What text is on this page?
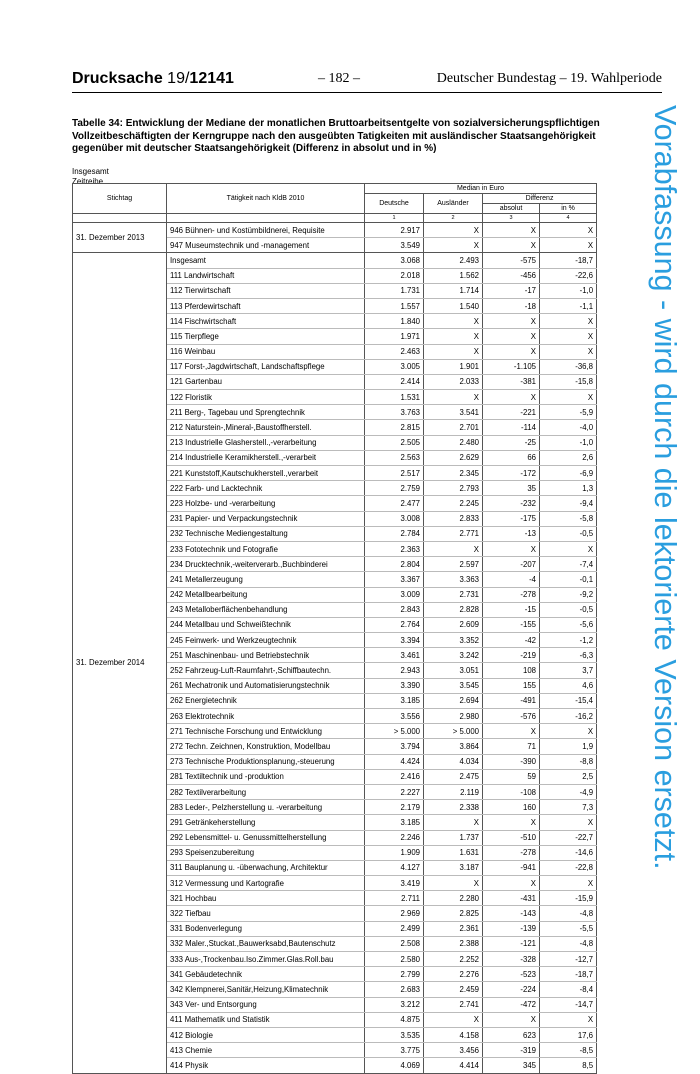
Drucksache 19/12141	– 182 –	Deutscher Bundestag – 19. Wahlperiode
Tabelle 34: Entwicklung der Mediane der monatlichen Bruttoarbeitsentgelte von sozialversicherungspflichtigen Vollzeitbeschäftigten der Kerngruppe nach den ausgeübten Tatigkeiten mit ausländischer Staatsangehörigkeit gegenüber mit deutscher Staatsangehörigkeit (Differenz in absolut und in %)
Insgesamt
Zeitreihe
Stichtag	Tätigkeit nach KldB 2010	Median in Euro			
		Deutsche	Ausländer	Differenz	
				absolut	in %
		1	2	3	4
31. Dezember 2013	946 Bühnen- und Kostümbildnerei, Requisite	2.917	X	X	X
	947 Museumstechnik und -management	3.549	X	X	X
31. Dezember 2014	Insgesamt	3.068	2.493	-575	-18,7
	111 Landwirtschaft	2.018	1.562	-456	-22,6
	112 Tierwirtschaft	1.731	1.714	-17	-1,0
	113 Pferdewirtschaft	1.557	1.540	-18	-1,1
	114 Fischwirtschaft	1.840	X	X	X
	115 Tierpflege	1.971	X	X	X
	116 Weinbau	2.463	X	X	X
	117 Forst-,Jagdwirtschaft, Landschaftspflege	3.005	1.901	-1.105	-36,8
	121 Gartenbau	2.414	2.033	-381	-15,8
	122 Floristik	1.531	X	X	X
	211 Berg-, Tagebau und Sprengtechnik	3.763	3.541	-221	-5,9
	212 Naturstein-,Mineral-,Baustoffherstell.	2.815	2.701	-114	-4,0
	213 Industrielle Glasherstell.,-verarbeitung	2.505	2.480	-25	-1,0
	214 Industrielle Keramikherstell.,-verarbeit	2.563	2.629	66	2,6
	221 Kunststoff,Kautschukherstell.,verarbeit	2.517	2.345	-172	-6,9
	222 Farb- und Lacktechnik	2.759	2.793	35	1,3
	223 Holzbe- und -verarbeitung	2.477	2.245	-232	-9,4
	231 Papier- und Verpackungstechnik	3.008	2.833	-175	-5,8
	232 Technische Mediengestaltung	2.784	2.771	-13	-0,5
	233 Fototechnik und Fotografie	2.363	X	X	X
	234 Drucktechnik,-weiterverarb.,Buchbinderei	2.804	2.597	-207	-7,4
	241 Metallerzeugung	3.367	3.363	-4	-0,1
	242 Metallbearbeitung	3.009	2.731	-278	-9,2
	243 Metalloberflächenbehandlung	2.843	2.828	-15	-0,5
	244 Metallbau und Schweißtechnik	2.764	2.609	-155	-5,6
	245 Feinwerk- und Werkzeugtechnik	3.394	3.352	-42	-1,2
	251 Maschinenbau- und Betriebstechnik	3.461	3.242	-219	-6,3
	252 Fahrzeug-Luft-Raumfahrt-,Schiffbautechn.	2.943	3.051	108	3,7
	261 Mechatronik und Automatisierungstechnik	3.390	3.545	155	4,6
	262 Energietechnik	3.185	2.694	-491	-15,4
	263 Elektrotechnik	3.556	2.980	-576	-16,2
	271 Technische Forschung und Entwicklung	> 5.000	> 5.000	X	X
	272 Techn. Zeichnen, Konstruktion, Modellbau	3.794	3.864	71	1,9
	273 Technische Produktionsplanung,-steuerung	4.424	4.034	-390	-8,8
	281 Textiltechnik und -produktion	2.416	2.475	59	2,5
	282 Textilverarbeitung	2.227	2.119	-108	-4,9
	283 Leder-, Pelzherstellung u. -verarbeitung	2.179	2.338	160	7,3
	291 Getränkeherstellung	3.185	X	X	X
	292 Lebensmittel- u. Genussmittelherstellung	2.246	1.737	-510	-22,7
	293 Speisenzubereitung	1.909	1.631	-278	-14,6
	311 Bauplanung u. -überwachung, Architektur	4.127	3.187	-941	-22,8
	312 Vermessung und Kartografie	3.419	X	X	X
	321 Hochbau	2.711	2.280	-431	-15,9
	322 Tiefbau	2.969	2.825	-143	-4,8
	331 Bodenverlegung	2.499	2.361	-139	-5,5
	332 Maler.,Stuckat.,Bauwerksabd,Bautenschutz	2.508	2.388	-121	-4,8
	333 Aus-,Trockenbau.Iso.Zimmer.Glas.Roll.bau	2.580	2.252	-328	-12,7
	341 Gebäudetechnik	2.799	2.276	-523	-18,7
	342 Klempnerei,Sanitär,Heizung,Klimatechnik	2.683	2.459	-224	-8,4
	343 Ver- und Entsorgung	3.212	2.741	-472	-14,7
	411 Mathematik und Statistik	4.875	X	X	X
	412 Biologie	3.535	4.158	623	17,6
	413 Chemie	3.775	3.456	-319	-8,5
	414 Physik	4.069	4.414	345	8,5
Vorabfassung - wird durch die lektorierte Version ersetzt.
